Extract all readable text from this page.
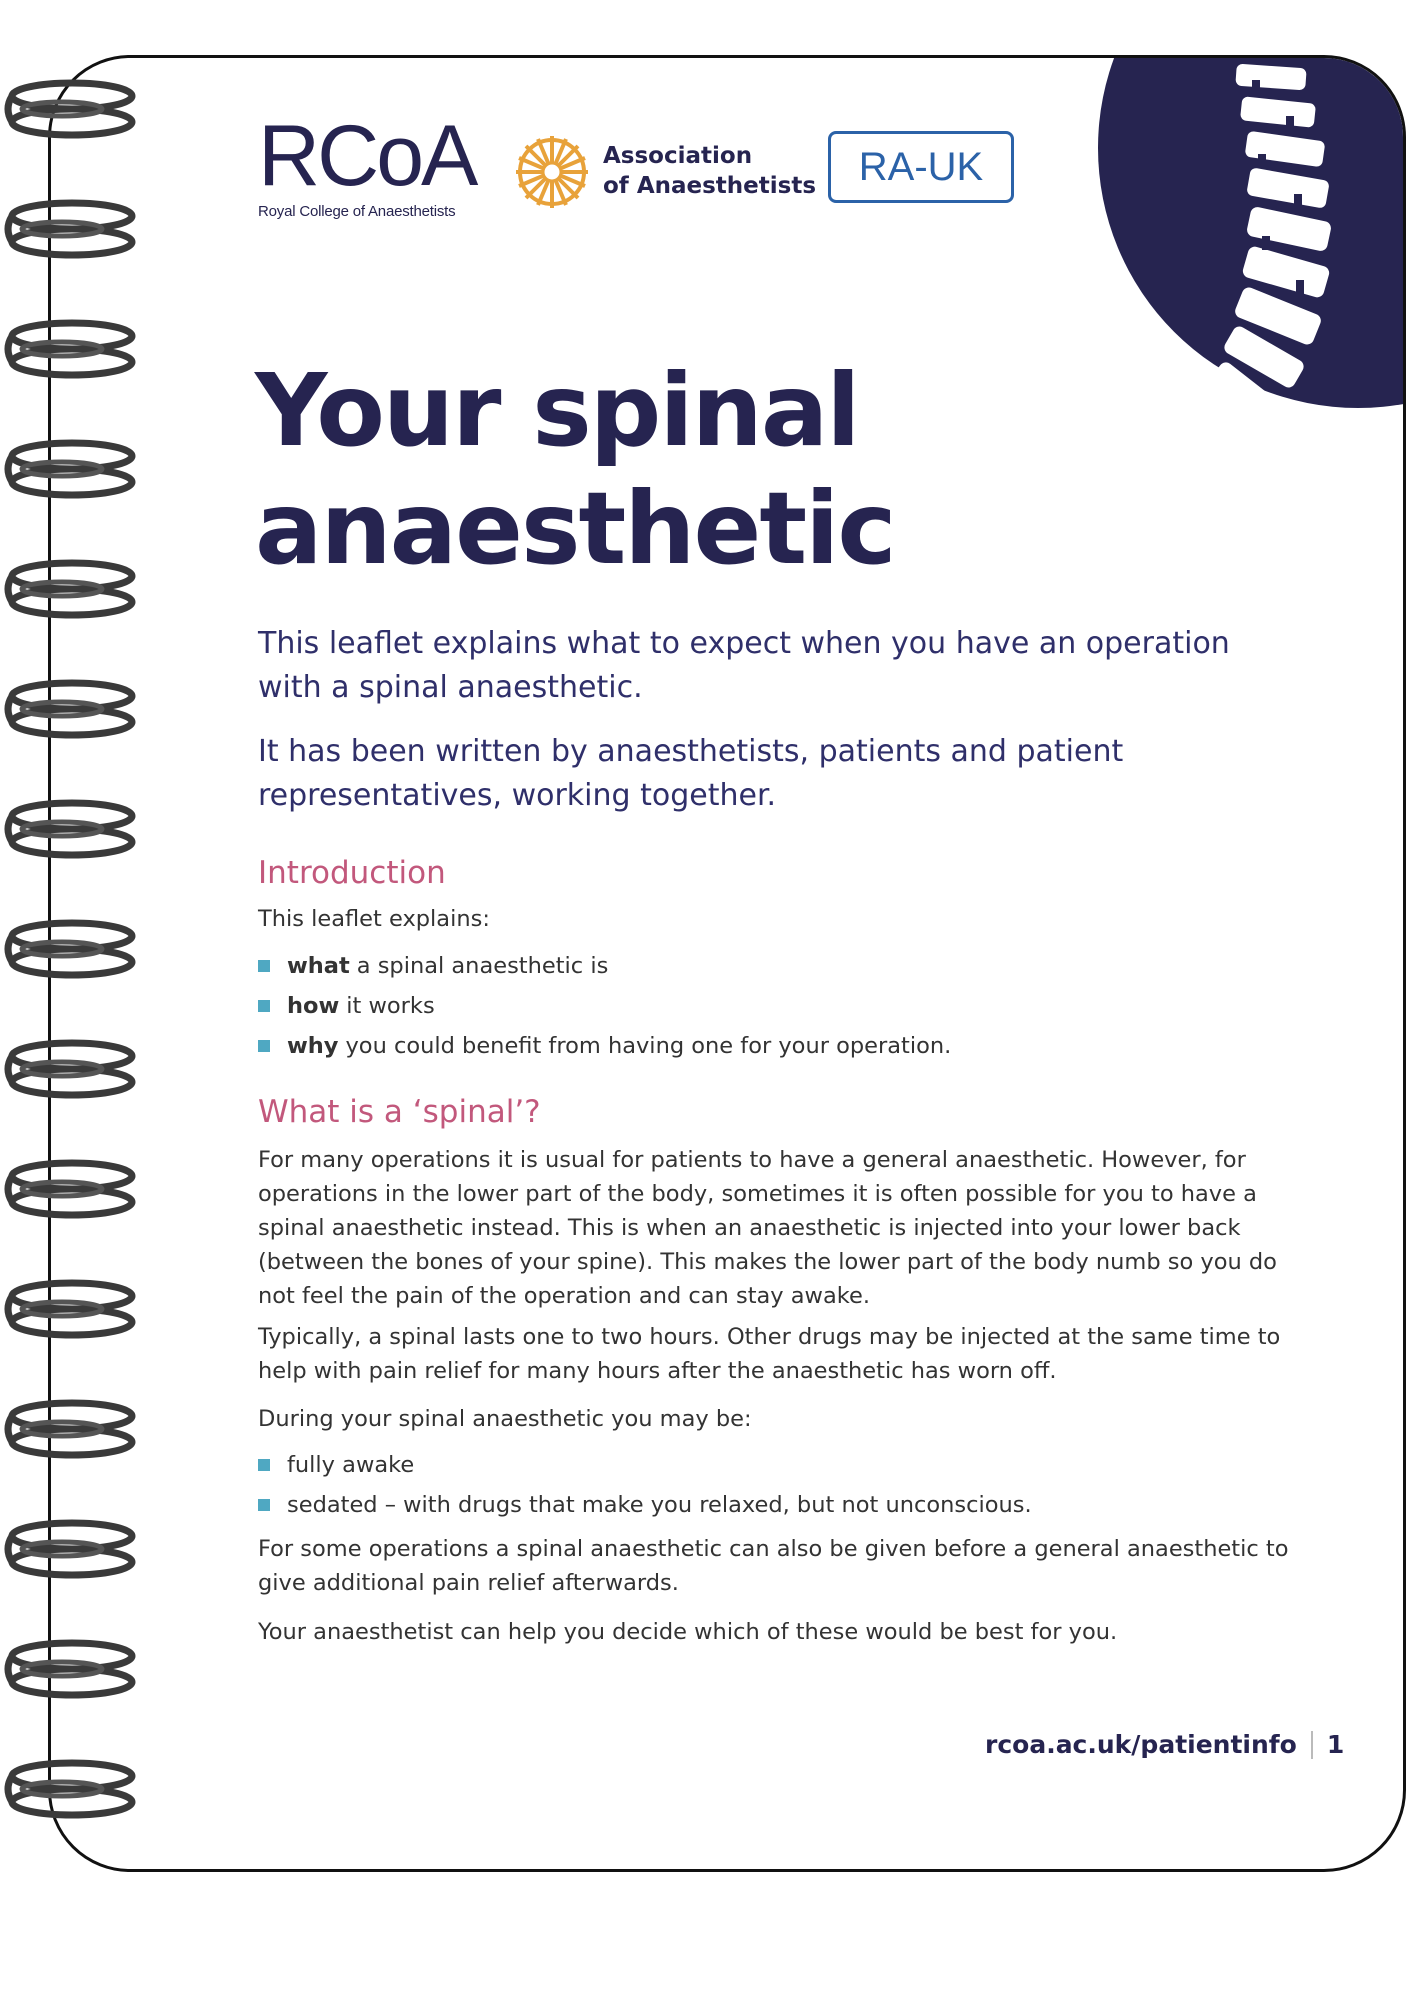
RCoA
Royal College of Anaesthetists
Association
of Anaesthetists	RA-UK
Your spinal
anaesthetic

This leaflet explains what to expect when you have an operation with a spinal anaesthetic.

It has been written by anaesthetists, patients and patient representatives, working together.

Introduction

This leaflet explains:

what a spinal anaesthetic is

how it works

why you could benefit from having one for your operation.

What is a ‘spinal’?

For many operations it is usual for patients to have a general anaesthetic. However, for operations in the lower part of the body, sometimes it is often possible for you to have a spinal anaesthetic instead. This is when an anaesthetic is injected into your lower back (between the bones of your spine). This makes the lower part of the body numb so you do not feel the pain of the operation and can stay awake.

Typically, a spinal lasts one to two hours. Other drugs may be injected at the same time to help with pain relief for many hours after the anaesthetic has worn off.

During your spinal anaesthetic you may be:

fully awake

sedated – with drugs that make you relaxed, but not unconscious.

For some operations a spinal anaesthetic can also be given before a general anaesthetic to give additional pain relief afterwards.

Your anaesthetist can help you decide which of these would be best for you.

rcoa.ac.uk/patientinfo 1
